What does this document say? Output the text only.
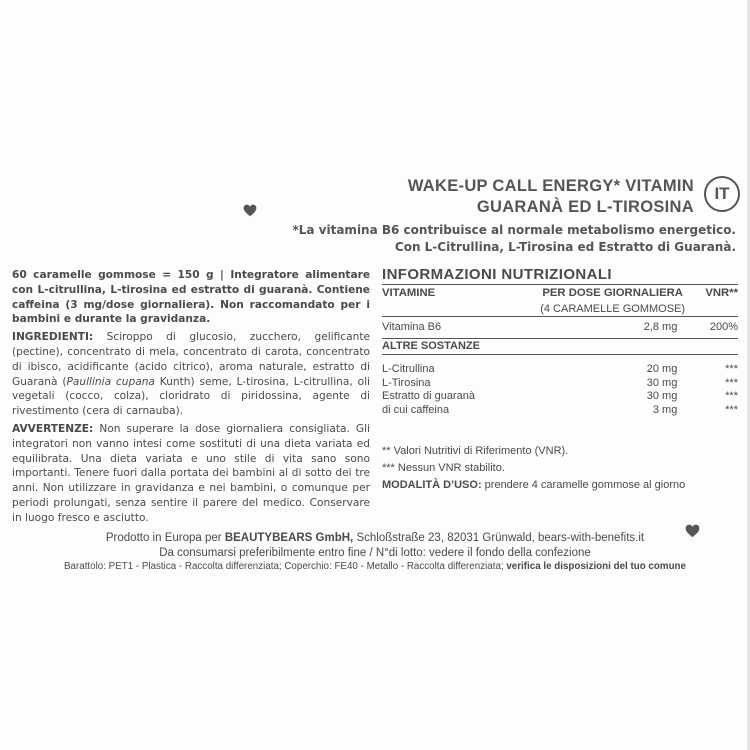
WAKE-UP CALL ENERGY* VITAMIN
GUARANÀ ED L-TIROSINA
IT
*La vitamina B6 contribuisce al normale metabolismo energetico.
Con L-Citrullina, L-Tirosina ed Estratto di Guaranà.

60 caramelle gommose = 150 g | Integratore alimentare con L-citrullina, L-tirosina ed estratto di guaranà. Contiene caffeina (3 mg/dose giornaliera). Non raccomandato per i bambini e durante la gravidanza.

INGREDIENTI: Sciroppo di glucosio, zucchero, gelificante (pectine), concentrato di mela, concentrato di carota, concentrato di ibisco, acidificante (acido citrico), aroma naturale, estratto di Guaranà (Paullinia cupana Kunth) seme, L-tirosina, L-citrullina, oli vegetali (cocco, colza), cloridrato di piridossina, agente di rivestimento (cera di carnauba).

AVVERTENZE: Non superare la dose giornaliera consigliata. Gli integratori non vanno intesi come sostituti di una dieta variata ed equilibrata. Una dieta variata e uno stile di vita sano sono importanti. Tenere fuori dalla portata dei bambini al di sotto dei tre anni. Non utilizzare in gravidanza e nei bambini, o comunque per periodi prolungati, senza sentire il parere del medico. Conservare in luogo fresco e asciutto.

INFORMAZIONI NUTRIZIONALI
VITAMINE	PER DOSE GIORNALIERA	VNR**
	(4 CARAMELLE GOMMOSE)	
Vitamina B6	2,8 mg	200%
ALTRE SOSTANZE		
L-Citrullina	20 mg	***
L-Tirosina	30 mg	***
Estratto di guaranà	30 mg	***
di cui caffeina	3 mg	***
** Valori Nutritivi di Riferimento (VNR).
*** Nessun VNR stabilito.
MODALITÀ D’USO: prendere 4 caramelle gommose al giorno
Prodotto in Europa per BEAUTYBEARS GmbH, Schloßstraße 23, 82031 Grünwald, bears-with-benefits.it
Da consumarsi preferibilmente entro fine / N°di lotto: vedere il fondo della confezione
Barattolo: PET1 - Plastica - Raccolta differenziata; Coperchio: FE40 - Metallo - Raccolta differenziata; verifica le disposizioni del tuo comune
